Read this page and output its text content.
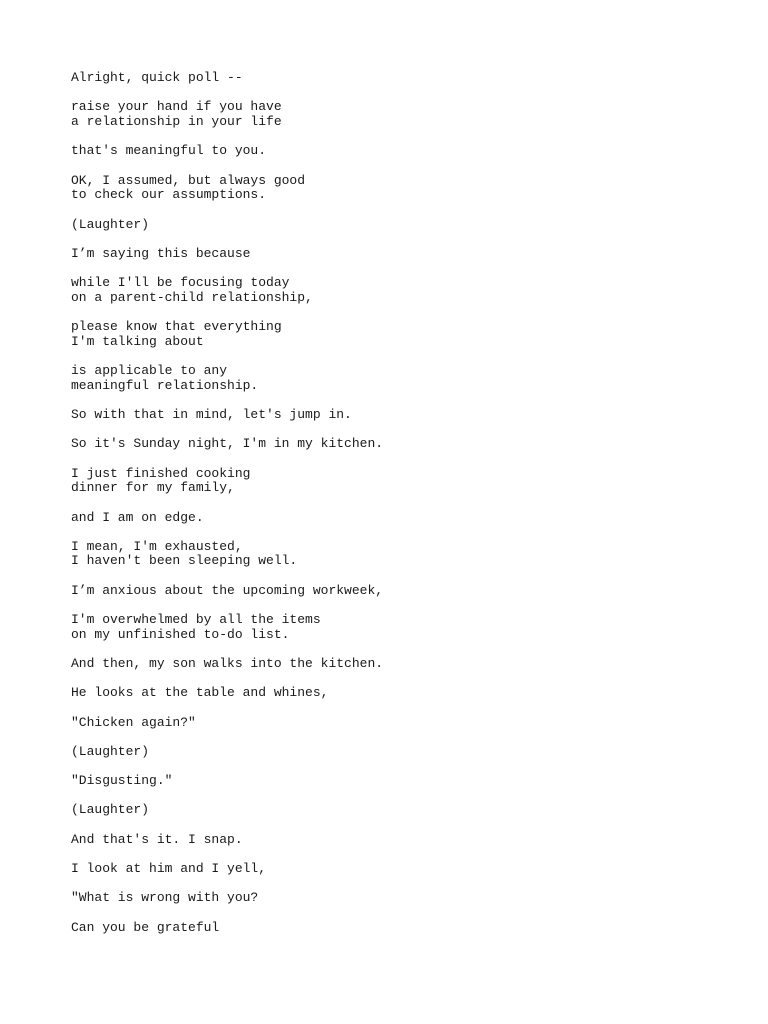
Alright, quick poll --
raise your hand if you have
a relationship in your life
that's meaningful to you.
OK, I assumed, but always good
to check our assumptions.
(Laughter)
I’m saying this because
while I'll be focusing today
on a parent-child relationship,
please know that everything
I'm talking about
is applicable to any
meaningful relationship.
So with that in mind, let's jump in.
So it's Sunday night, I'm in my kitchen.
I just finished cooking
dinner for my family,
and I am on edge.
I mean, I'm exhausted,
I haven't been sleeping well.
I’m anxious about the upcoming workweek,
I'm overwhelmed by all the items
on my unfinished to-do list.
And then, my son walks into the kitchen.
He looks at the table and whines,
"Chicken again?"
(Laughter)
"Disgusting."
(Laughter)
And that's it. I snap.
I look at him and I yell,
"What is wrong with you?
Can you be grateful
